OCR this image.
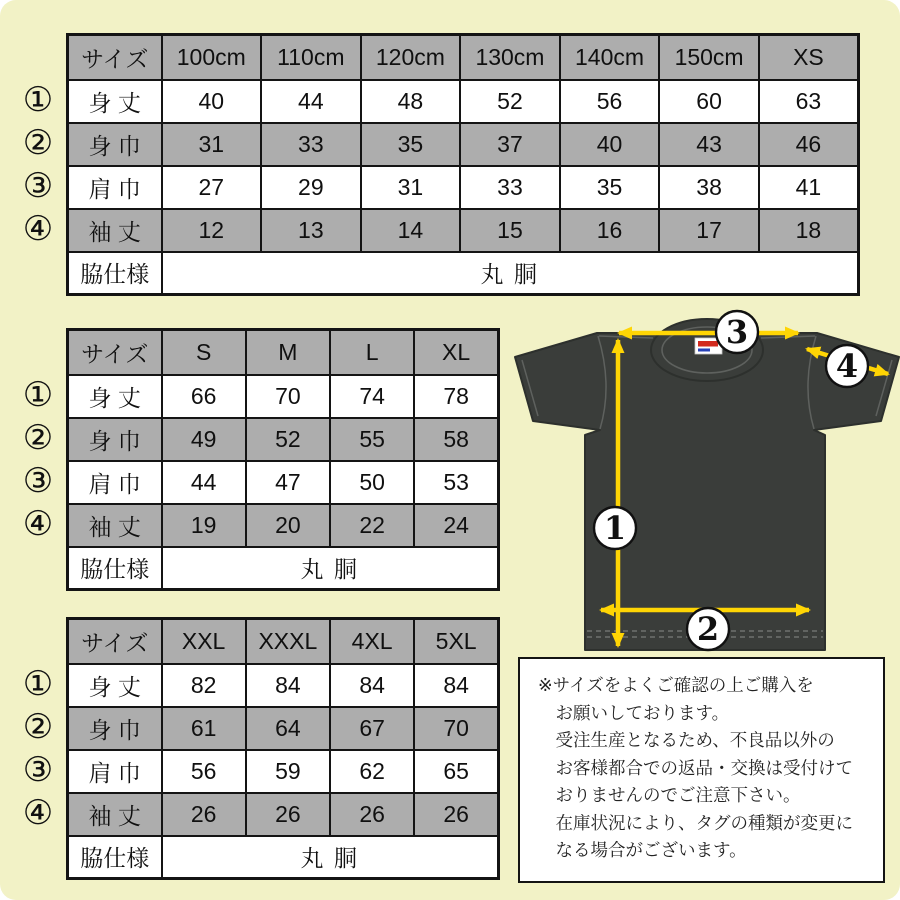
①
②
③
④
サイズ	100cm	110cm	120cm	130cm	140cm	150cm	XS
身 丈	40	44	48	52	56	60	63
身 巾	31	33	35	37	40	43	46
肩 巾	27	29	31	33	35	38	41
袖 丈	12	13	14	15	16	17	18
脇仕様	丸 胴						
①
②
③
④
サイズ	S	M	L	XL
身 丈	66	70	74	78
身 巾	49	52	55	58
肩 巾	44	47	50	53
袖 丈	19	20	22	24
脇仕様	丸 胴			
①
②
③
④
サイズ	XXL	XXXL	4XL	5XL
身 丈	82	84	84	84
身 巾	61	64	67	70
肩 巾	56	59	62	65
袖 丈	26	26	26	26
脇仕様	丸 胴			
3
4
1
2
※サイズをよくご確認の上ご購入を
お願いしております。
受注生産となるため、不良品以外の
お客様都合での返品・交換は受付けて
おりませんのでご注意下さい。
在庫状況により、タグの種類が変更に
なる場合がございます。
